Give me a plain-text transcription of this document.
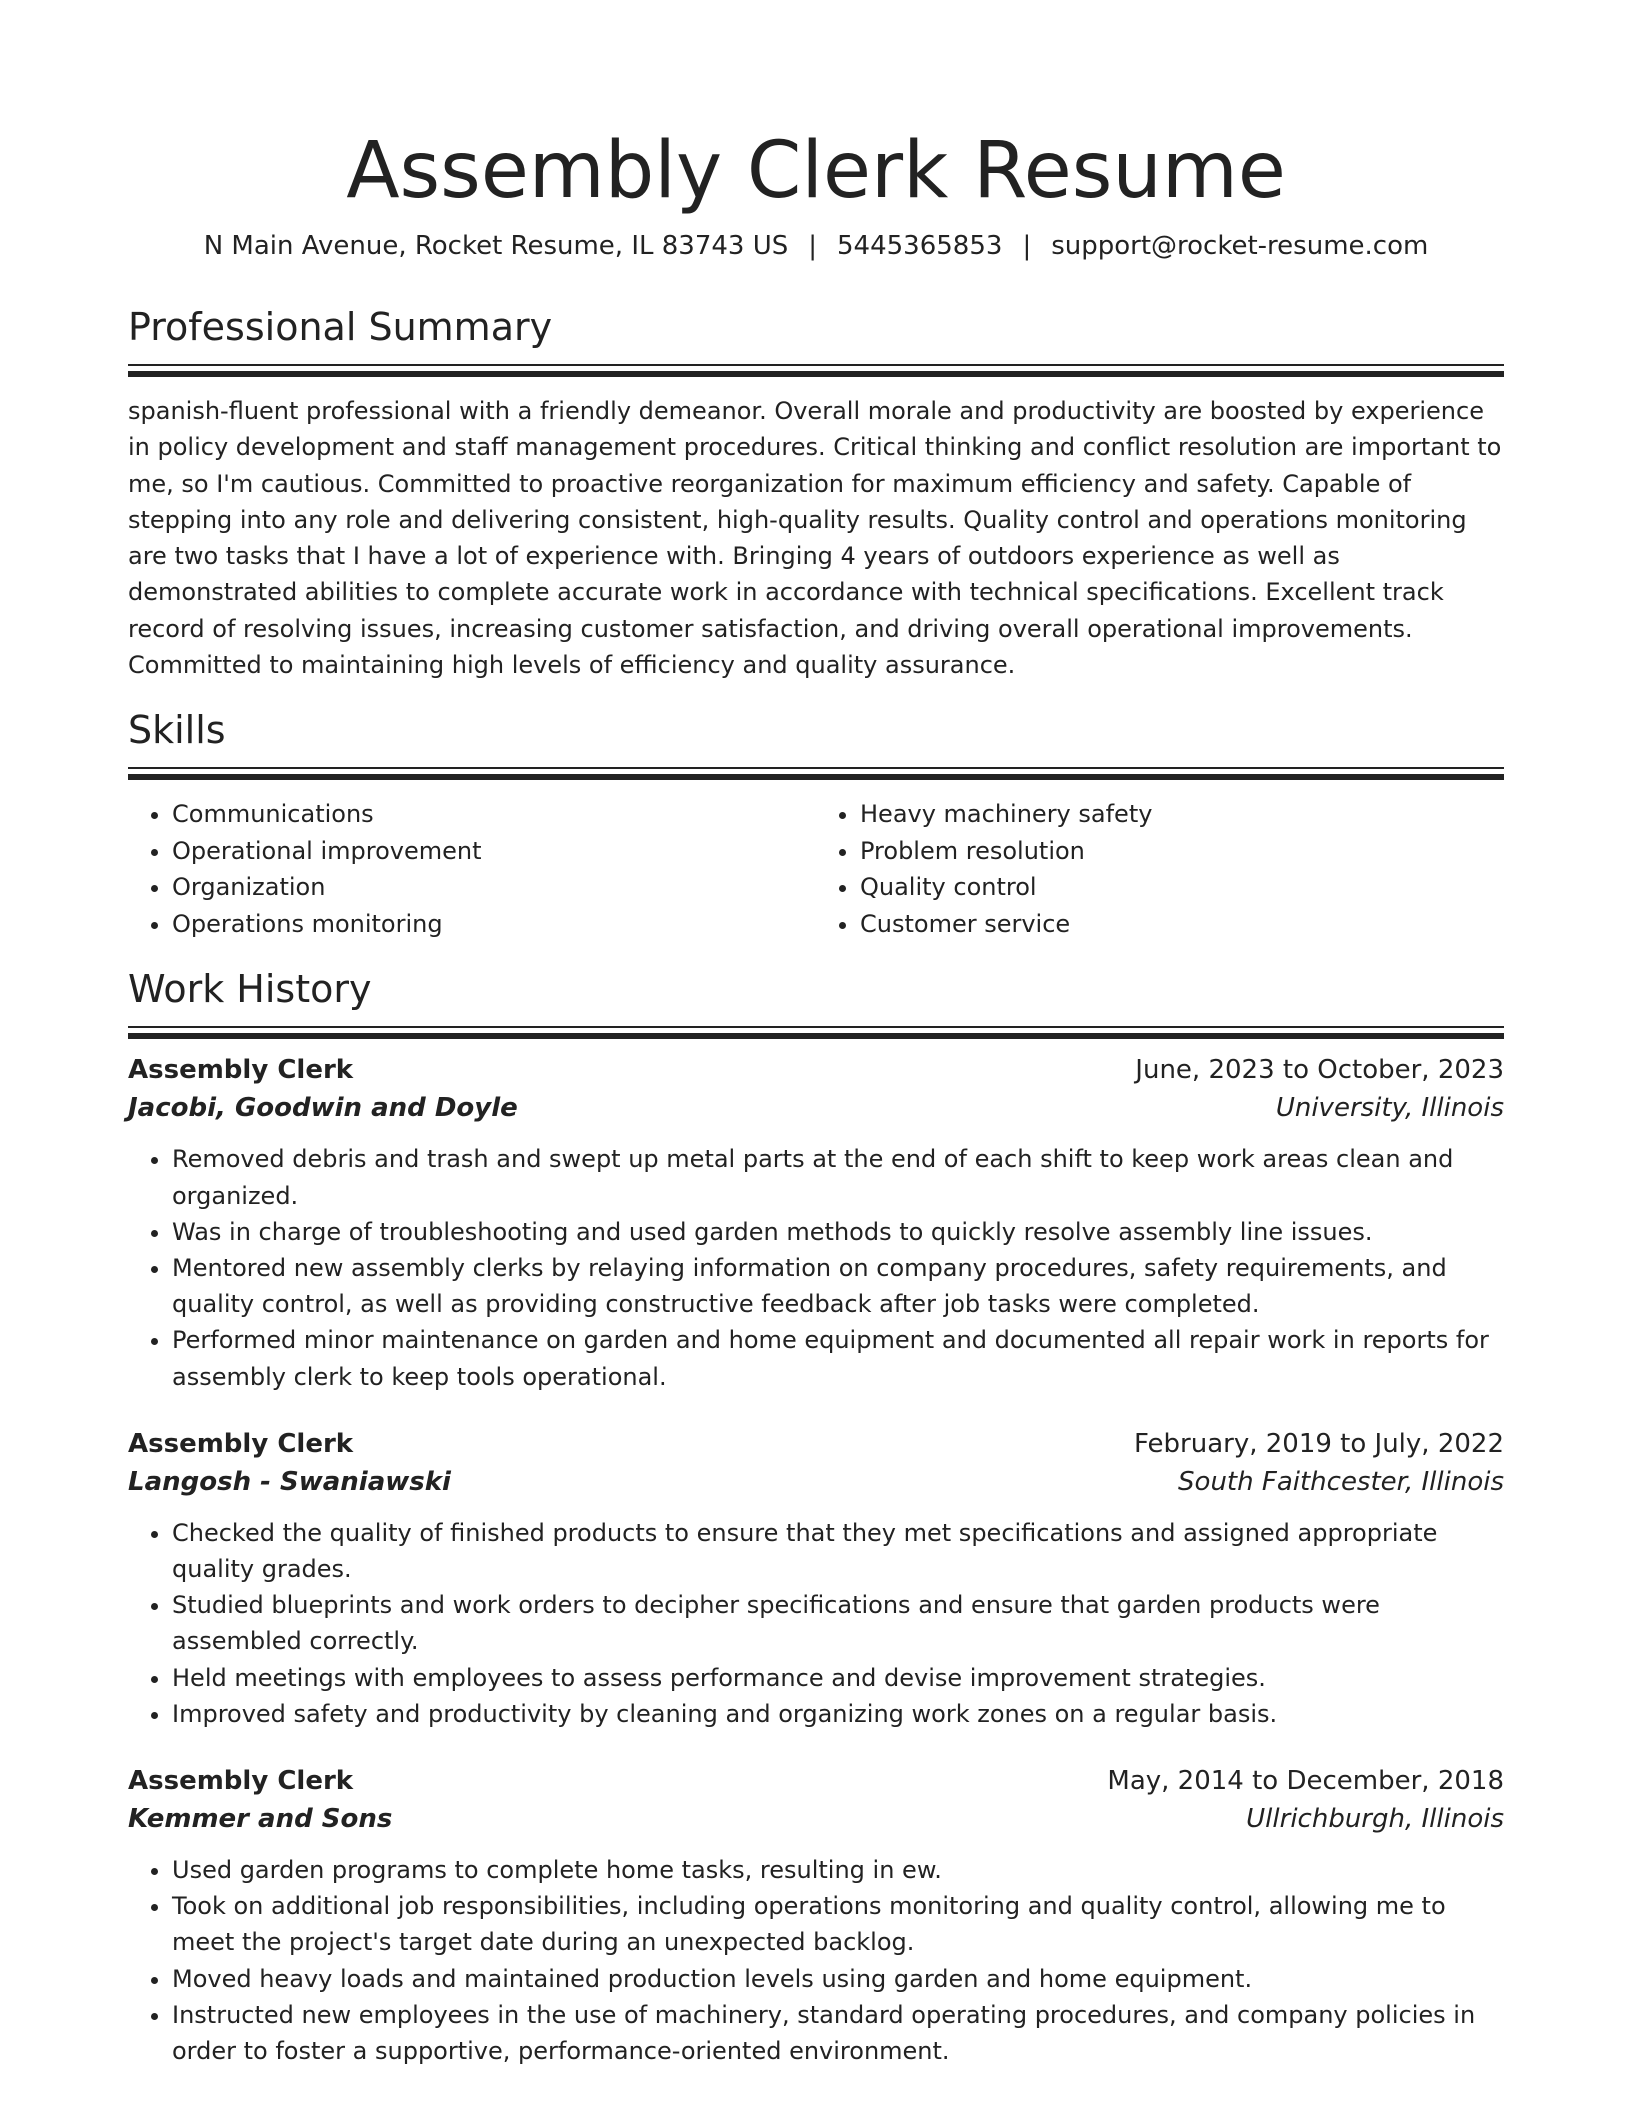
Assembly Clerk Resume
N Main Avenue, Rocket Resume, IL 83743 US | 5445365853 | support@rocket-resume.com
Professional Summary

spanish-fluent professional with a friendly demeanor. Overall morale and productivity are boosted by experience in policy development and staff management procedures. Critical thinking and conflict resolution are important to me, so I'm cautious. Committed to proactive reorganization for maximum efficiency and safety. Capable of stepping into any role and delivering consistent, high-quality results. Quality control and operations monitoring are two tasks that I have a lot of experience with. Bringing 4 years of outdoors experience as well as demonstrated abilities to complete accurate work in accordance with technical specifications. Excellent track record of resolving issues, increasing customer satisfaction, and driving overall operational improvements. Committed to maintaining high levels of efficiency and quality assurance.

Skills
• Communications
• Operational improvement
• Organization
• Operations monitoring
• Heavy machinery safety
• Problem resolution
• Quality control
• Customer service
Work History
Assembly Clerk	June, 2023 to October, 2023
Jacobi, Goodwin and Doyle	University, Illinois
• Removed debris and trash and swept up metal parts at the end of each shift to keep work areas clean and organized.
• Was in charge of troubleshooting and used garden methods to quickly resolve assembly line issues.
• Mentored new assembly clerks by relaying information on company procedures, safety requirements, and quality control, as well as providing constructive feedback after job tasks were completed.
• Performed minor maintenance on garden and home equipment and documented all repair work in reports for assembly clerk to keep tools operational.
Assembly Clerk	February, 2019 to July, 2022
Langosh - Swaniawski	South Faithcester, Illinois
• Checked the quality of finished products to ensure that they met specifications and assigned appropriate quality grades.
• Studied blueprints and work orders to decipher specifications and ensure that garden products were assembled correctly.
• Held meetings with employees to assess performance and devise improvement strategies.
• Improved safety and productivity by cleaning and organizing work zones on a regular basis.
Assembly Clerk	May, 2014 to December, 2018
Kemmer and Sons	Ullrichburgh, Illinois
• Used garden programs to complete home tasks, resulting in ew.
• Took on additional job responsibilities, including operations monitoring and quality control, allowing me to meet the project's target date during an unexpected backlog.
• Moved heavy loads and maintained production levels using garden and home equipment.
• Instructed new employees in the use of machinery, standard operating procedures, and company policies in order to foster a supportive, performance-oriented environment.
